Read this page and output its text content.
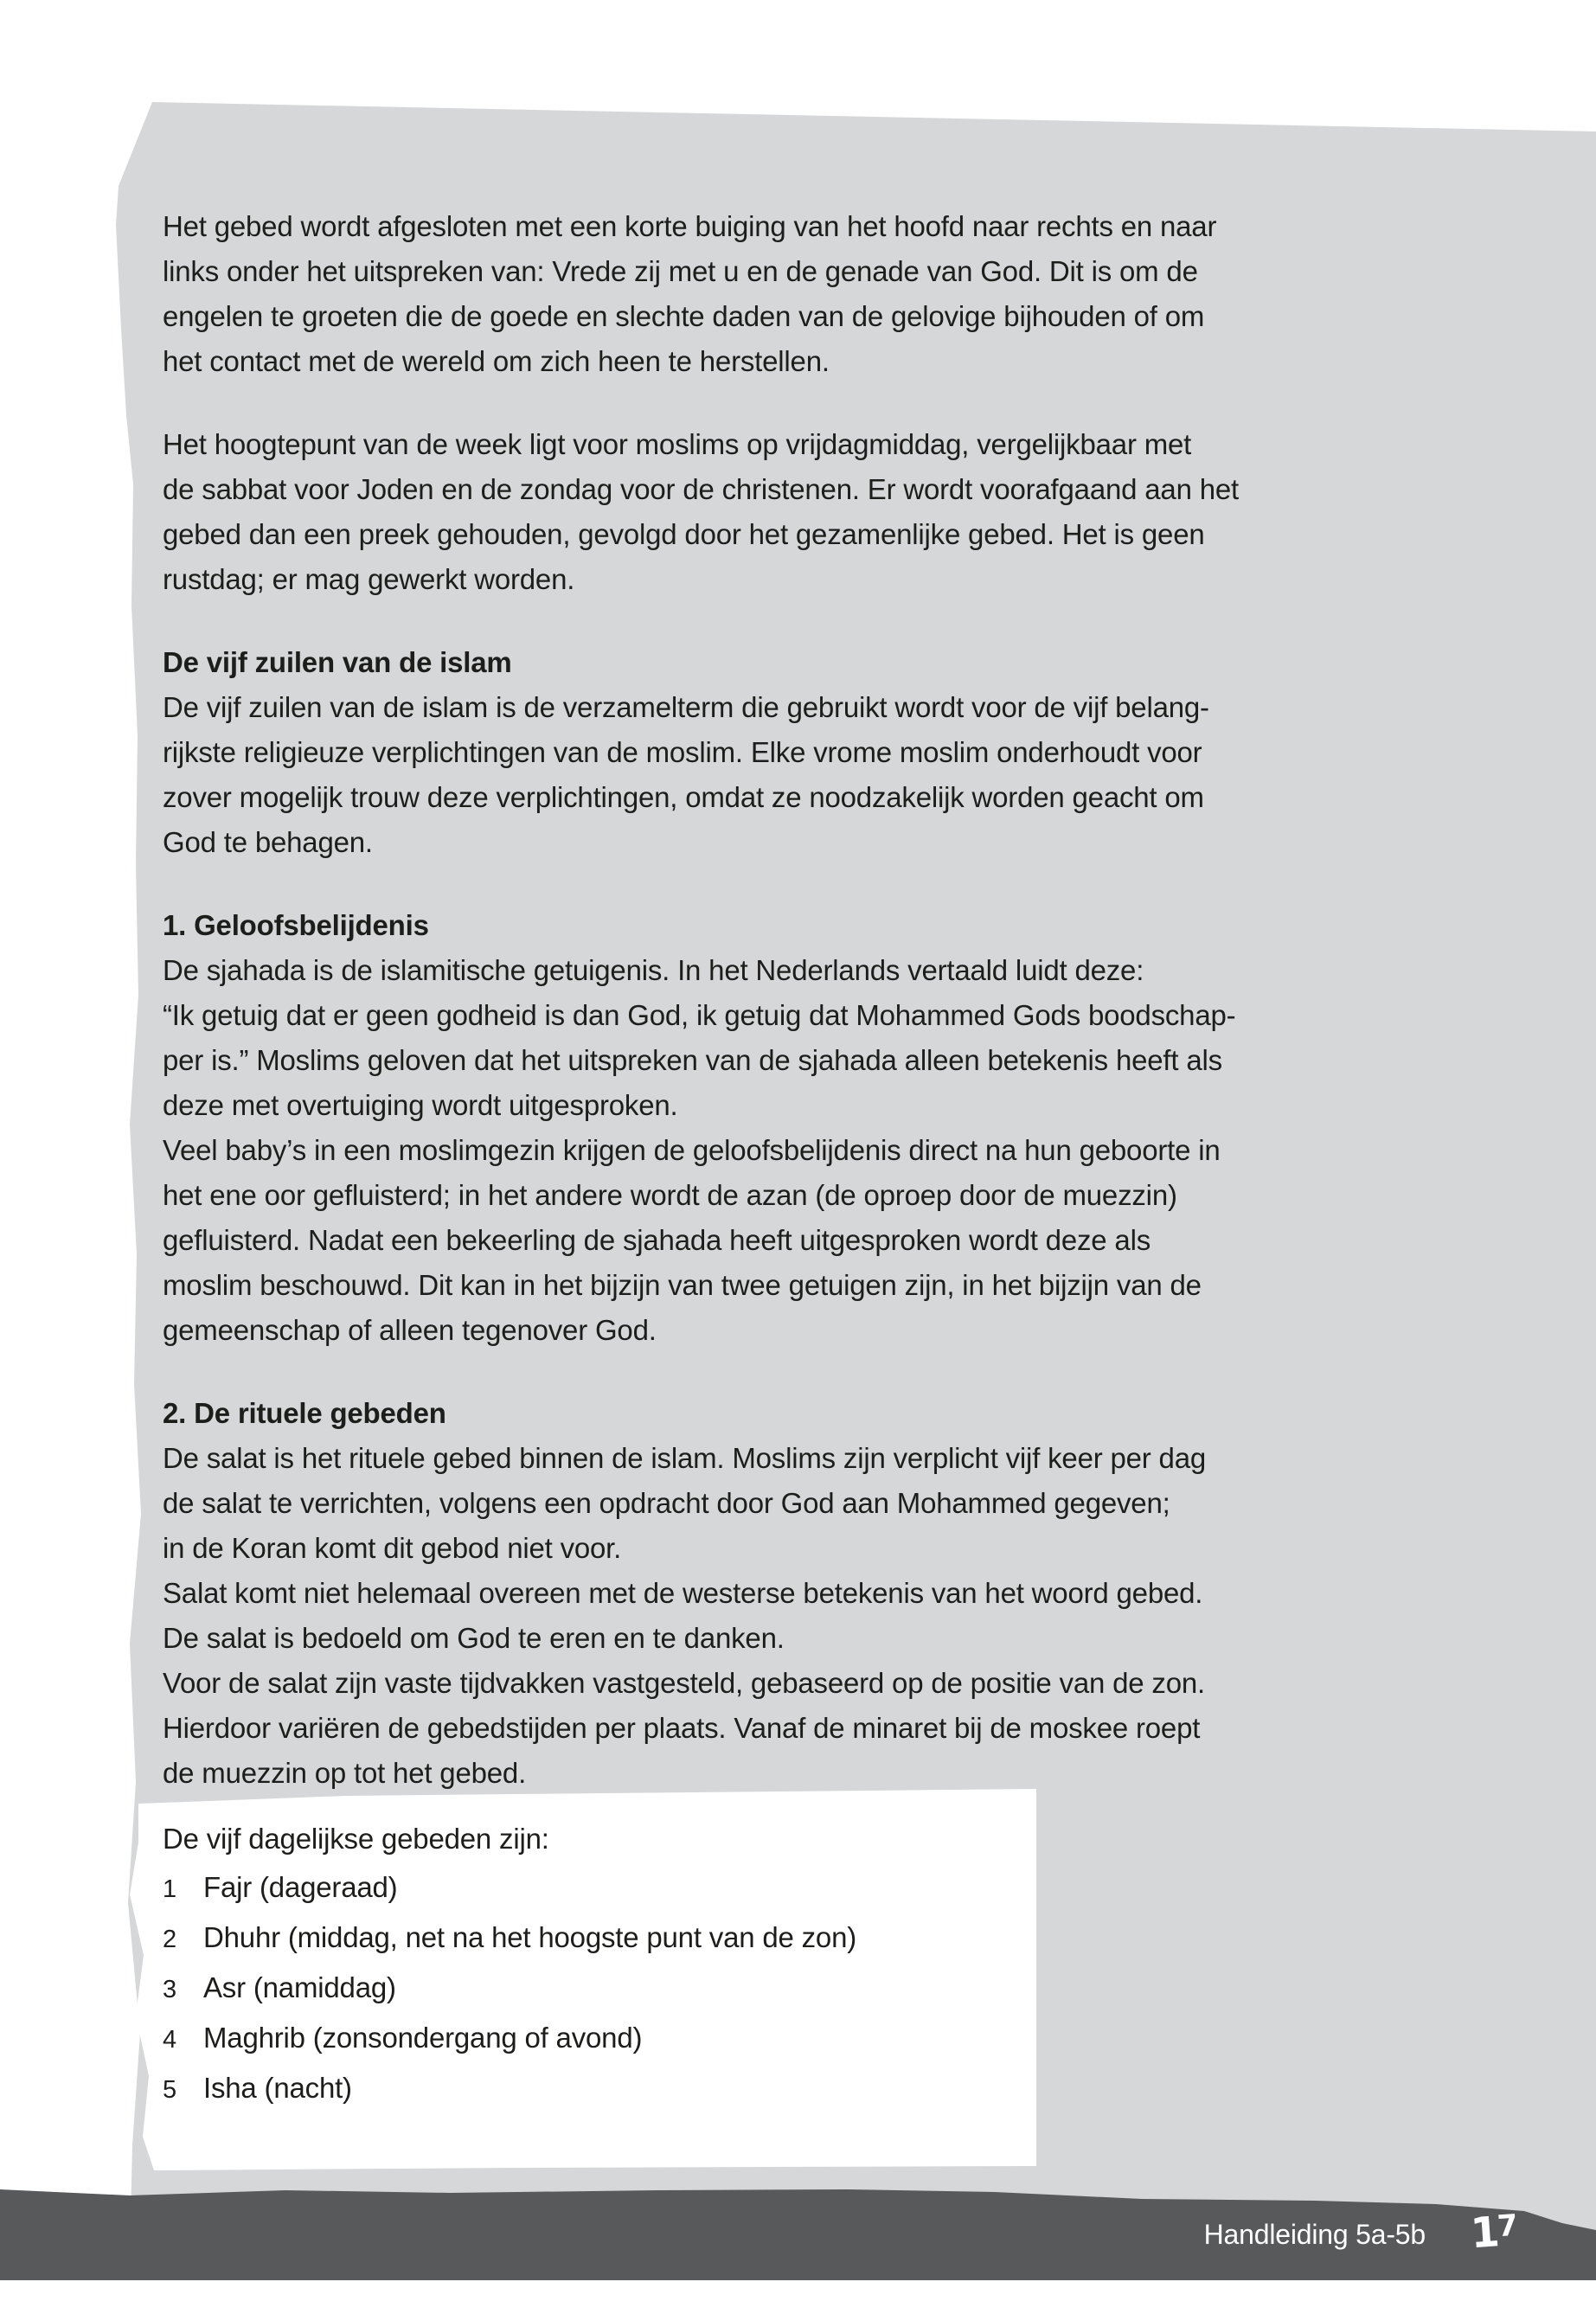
Het gebed wordt afgesloten met een korte buiging van het hoofd naar rechts en naar
links onder het uitspreken van: Vrede zij met u en de genade van God. Dit is om de
engelen te groeten die de goede en slechte daden van de gelovige bijhouden of om
het contact met de wereld om zich heen te herstellen.
Het hoogtepunt van de week ligt voor moslims op vrijdagmiddag, vergelijkbaar met
de sabbat voor Joden en de zondag voor de christenen. Er wordt voorafgaand aan het
gebed dan een preek gehouden, gevolgd door het gezamenlijke gebed. Het is geen
rustdag; er mag gewerkt worden.
De vijf zuilen van de islam
De vijf zuilen van de islam is de verzamelterm die gebruikt wordt voor de vijf belang-
rijkste religieuze verplichtingen van de moslim. Elke vrome moslim onderhoudt voor
zover mogelijk trouw deze verplichtingen, omdat ze noodzakelijk worden geacht om
God te behagen.
1. Geloofsbelijdenis
De sjahada is de islamitische getuigenis. In het Nederlands vertaald luidt deze:
“Ik getuig dat er geen godheid is dan God, ik getuig dat Mohammed Gods boodschap-
per is.” Moslims geloven dat het uitspreken van de sjahada alleen betekenis heeft als
deze met overtuiging wordt uitgesproken.
Veel baby’s in een moslimgezin krijgen de geloofsbelijdenis direct na hun geboorte in
het ene oor gefluisterd; in het andere wordt de azan (de oproep door de muezzin)
gefluisterd. Nadat een bekeerling de sjahada heeft uitgesproken wordt deze als
moslim beschouwd. Dit kan in het bijzijn van twee getuigen zijn, in het bijzijn van de
gemeenschap of alleen tegenover God.
2. De rituele gebeden
De salat is het rituele gebed binnen de islam. Moslims zijn verplicht vijf keer per dag
de salat te verrichten, volgens een opdracht door God aan Mohammed gegeven;
in de Koran komt dit gebod niet voor.
Salat komt niet helemaal overeen met de westerse betekenis van het woord gebed.
De salat is bedoeld om God te eren en te danken.
Voor de salat zijn vaste tijdvakken vastgesteld, gebaseerd op de positie van de zon.
Hierdoor variëren de gebedstijden per plaats. Vanaf de minaret bij de moskee roept
de muezzin op tot het gebed.
De vijf dagelijkse gebeden zijn:
1 Fajr (dageraad)
2 Dhuhr (middag, net na het hoogste punt van de zon)
3 Asr (namiddag)
4 Maghrib (zonsondergang of avond)
5 Isha (nacht)
Handleiding 5a-5b 17
